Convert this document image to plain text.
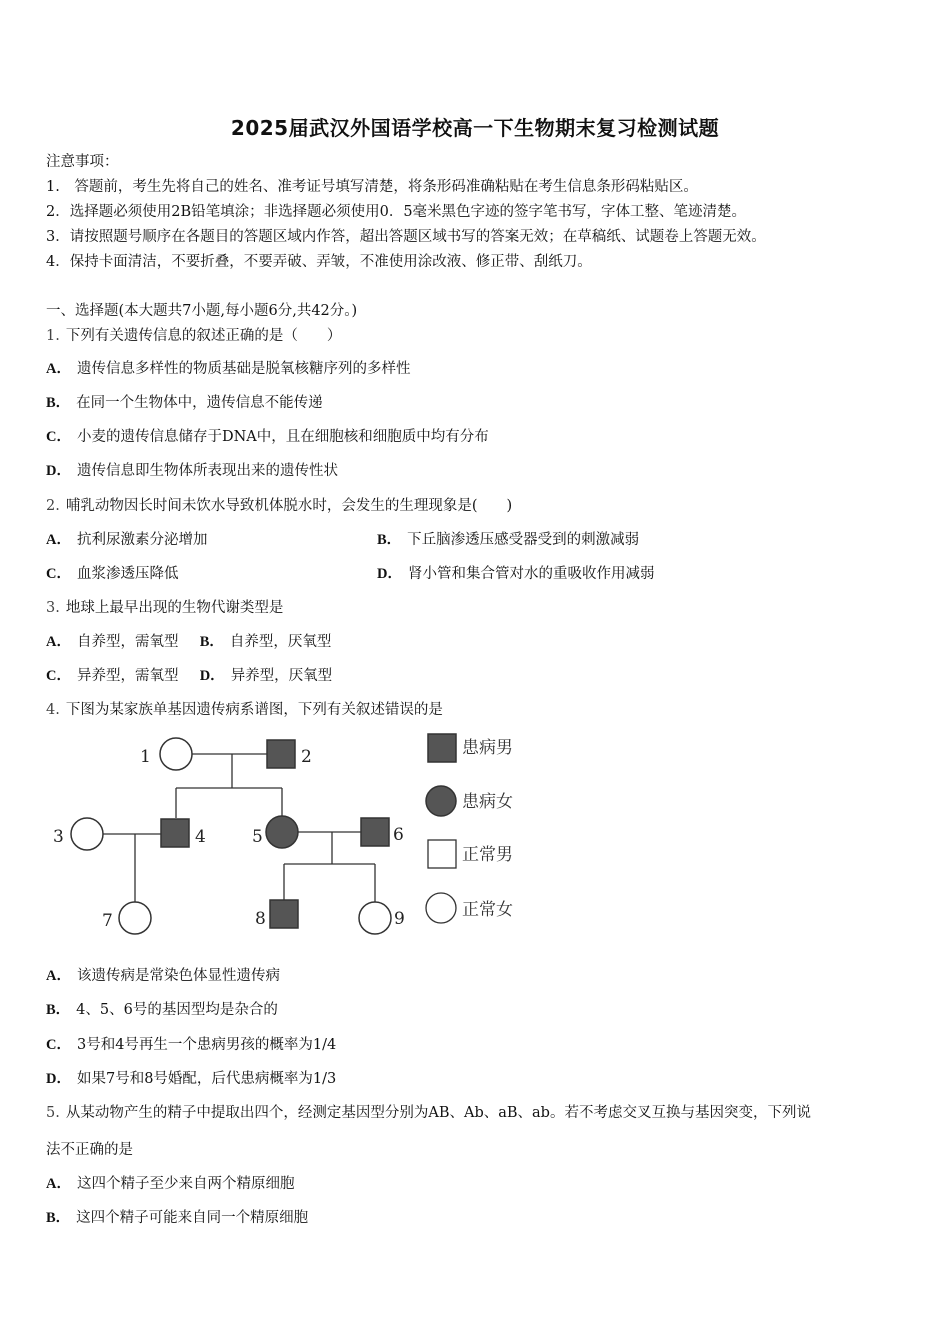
2025届武汉外国语学校高一下生物期末复习检测试题
注意事项：
1.　答题前，考生先将自己的姓名、准考证号填写清楚，将条形码准确粘贴在考生信息条形码粘贴区。
2．选择题必须使用2B铅笔填涂；非选择题必须使用0．5毫米黑色字迹的签字笔书写，字体工整、笔迹清楚。
3．请按照题号顺序在各题目的答题区域内作答，超出答题区域书写的答案无效；在草稿纸、试题卷上答题无效。
4．保持卡面清洁，不要折叠，不要弄破、弄皱，不准使用涂改液、修正带、刮纸刀。
一、选择题(本大题共7小题,每小题6分,共42分。)
1. 下列有关遗传信息的叙述正确的是（　　）
A． 遗传信息多样性的物质基础是脱氧核糖序列的多样性
B． 在同一个生物体中，遗传信息不能传递
C． 小麦的遗传信息储存于DNA中，且在细胞核和细胞质中均有分布
D． 遗传信息即生物体所表现出来的遗传性状
2. 哺乳动物因长时间未饮水导致机体脱水时，会发生的生理现象是(　　)
A． 抗利尿激素分泌增加	B． 下丘脑渗透压感受器受到的刺激减弱
C． 血浆渗透压降低	D． 肾小管和集合管对水的重吸收作用减弱
3. 地球上最早出现的生物代谢类型是
A． 自养型，需氧型 B． 自养型，厌氧型
C． 异养型，需氧型 D． 异养型，厌氧型
4. 下图为某家族单基因遗传病系谱图，下列有关叙述错误的是
1	2
3	4	5	6
7	8	9
患病男
患病女
正常男
正常女
A． 该遗传病是常染色体显性遗传病
B． 4、5、6号的基因型均是杂合的
C． 3号和4号再生一个患病男孩的概率为1/4
D． 如果7号和8号婚配，后代患病概率为1/3
5. 从某动物产生的精子中提取出四个，经测定基因型分别为AB、Ab、aB、ab。若不考虑交叉互换与基因突变，下列说
法不正确的是
A． 这四个精子至少来自两个精原细胞
B． 这四个精子可能来自同一个精原细胞
